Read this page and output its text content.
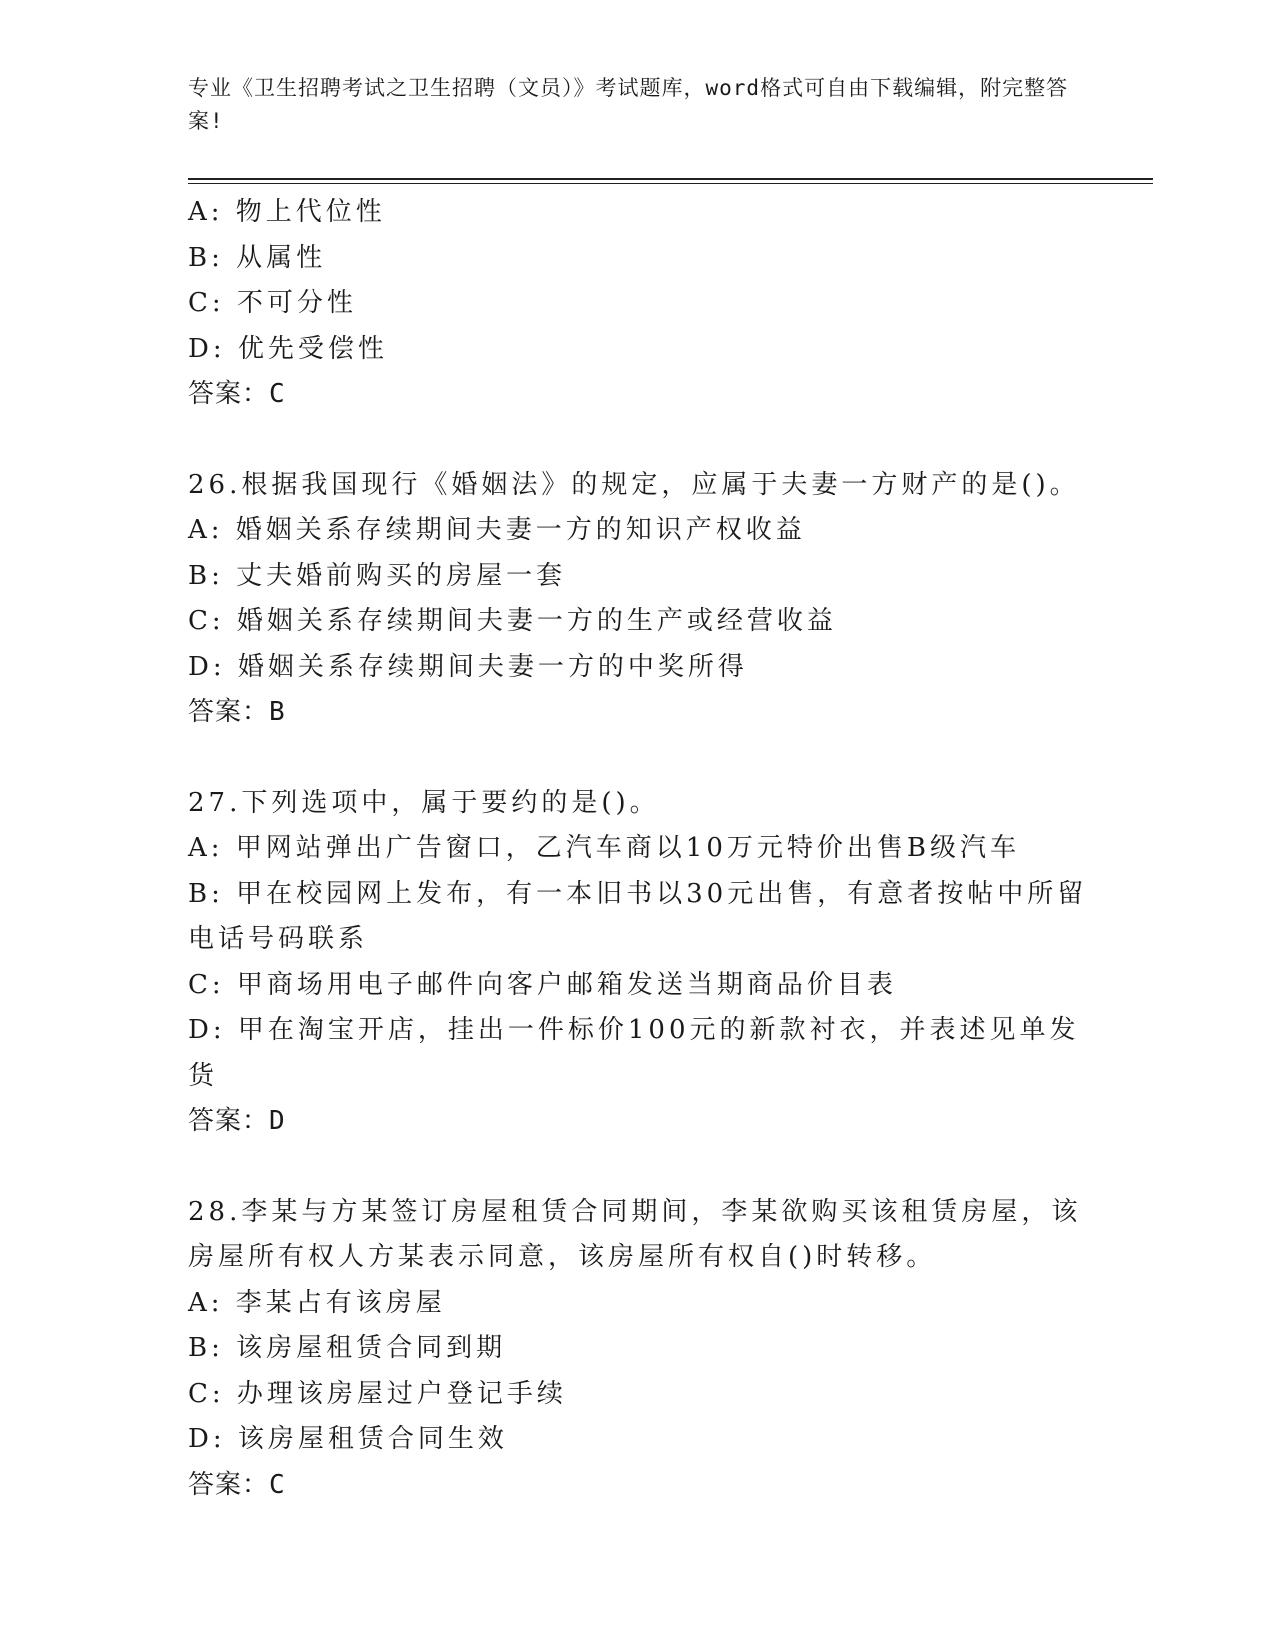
专业《卫生招聘考试之卫生招聘（文员）》考试题库，word格式可自由下载编辑，附完整答案!
A: 物上代位性
B: 从属性
C: 不可分性
D: 优先受偿性
答案：C
26.根据我国现行《婚姻法》的规定，应属于夫妻一方财产的是()。
A: 婚姻关系存续期间夫妻一方的知识产权收益
B: 丈夫婚前购买的房屋一套
C: 婚姻关系存续期间夫妻一方的生产或经营收益
D: 婚姻关系存续期间夫妻一方的中奖所得
答案：B
27.下列选项中，属于要约的是()。
A: 甲网站弹出广告窗口，乙汽车商以10万元特价出售B级汽车
B: 甲在校园网上发布，有一本旧书以30元出售，有意者按帖中所留电话号码联系
C: 甲商场用电子邮件向客户邮箱发送当期商品价目表
D: 甲在淘宝开店，挂出一件标价100元的新款衬衣，并表述见单发货
答案：D
28.李某与方某签订房屋租赁合同期间，李某欲购买该租赁房屋，该房屋所有权人方某表示同意，该房屋所有权自()时转移。
A: 李某占有该房屋
B: 该房屋租赁合同到期
C: 办理该房屋过户登记手续
D: 该房屋租赁合同生效
答案：C
